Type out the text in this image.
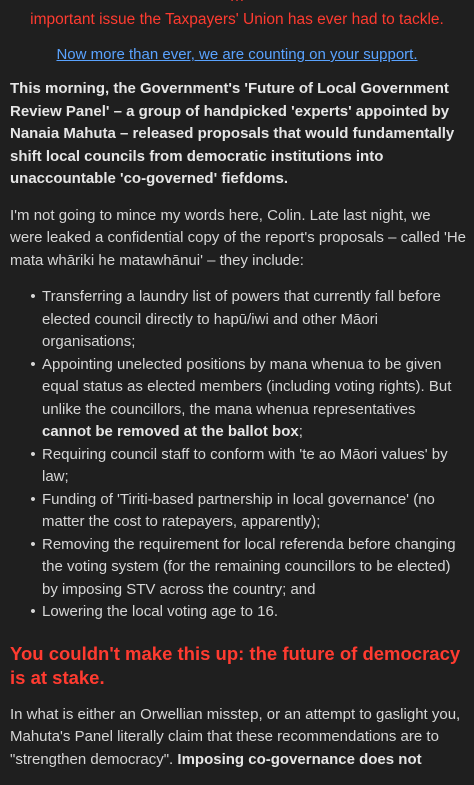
important issue the Taxpayers' Union has ever had to tackle.
Now more than ever, we are counting on your support.

This morning, the Government's 'Future of Local Government Review Panel' – a group of handpicked 'experts' appointed by Nanaia Mahuta – released proposals that would fundamentally shift local councils from democratic institutions into unaccountable 'co-governed' fiefdoms.

I'm not going to mince my words here, Colin. Late last night, we were leaked a confidential copy of the report's proposals – called 'He mata whāriki he matawhānui' – they include:

• Transferring a laundry list of powers that currently fall before elected council directly to hapū/iwi and other Māori organisations;
• Appointing unelected positions by mana whenua to be given equal status as elected members (including voting rights). But unlike the councillors, the mana whenua representatives cannot be removed at the ballot box;
• Requiring council staff to conform with 'te ao Māori values' by law;
• Funding of 'Tiriti-based partnership in local governance' (no matter the cost to ratepayers, apparently);
• Removing the requirement for local referenda before changing the voting system (for the remaining councillors to be elected) by imposing STV across the country; and
• Lowering the local voting age to 16.
You couldn't make this up: the future of democracy is at stake.

In what is either an Orwellian misstep, or an attempt to gaslight you, Mahuta's Panel literally claim that these recommendations are to "strengthen democracy". Imposing co-governance does not
